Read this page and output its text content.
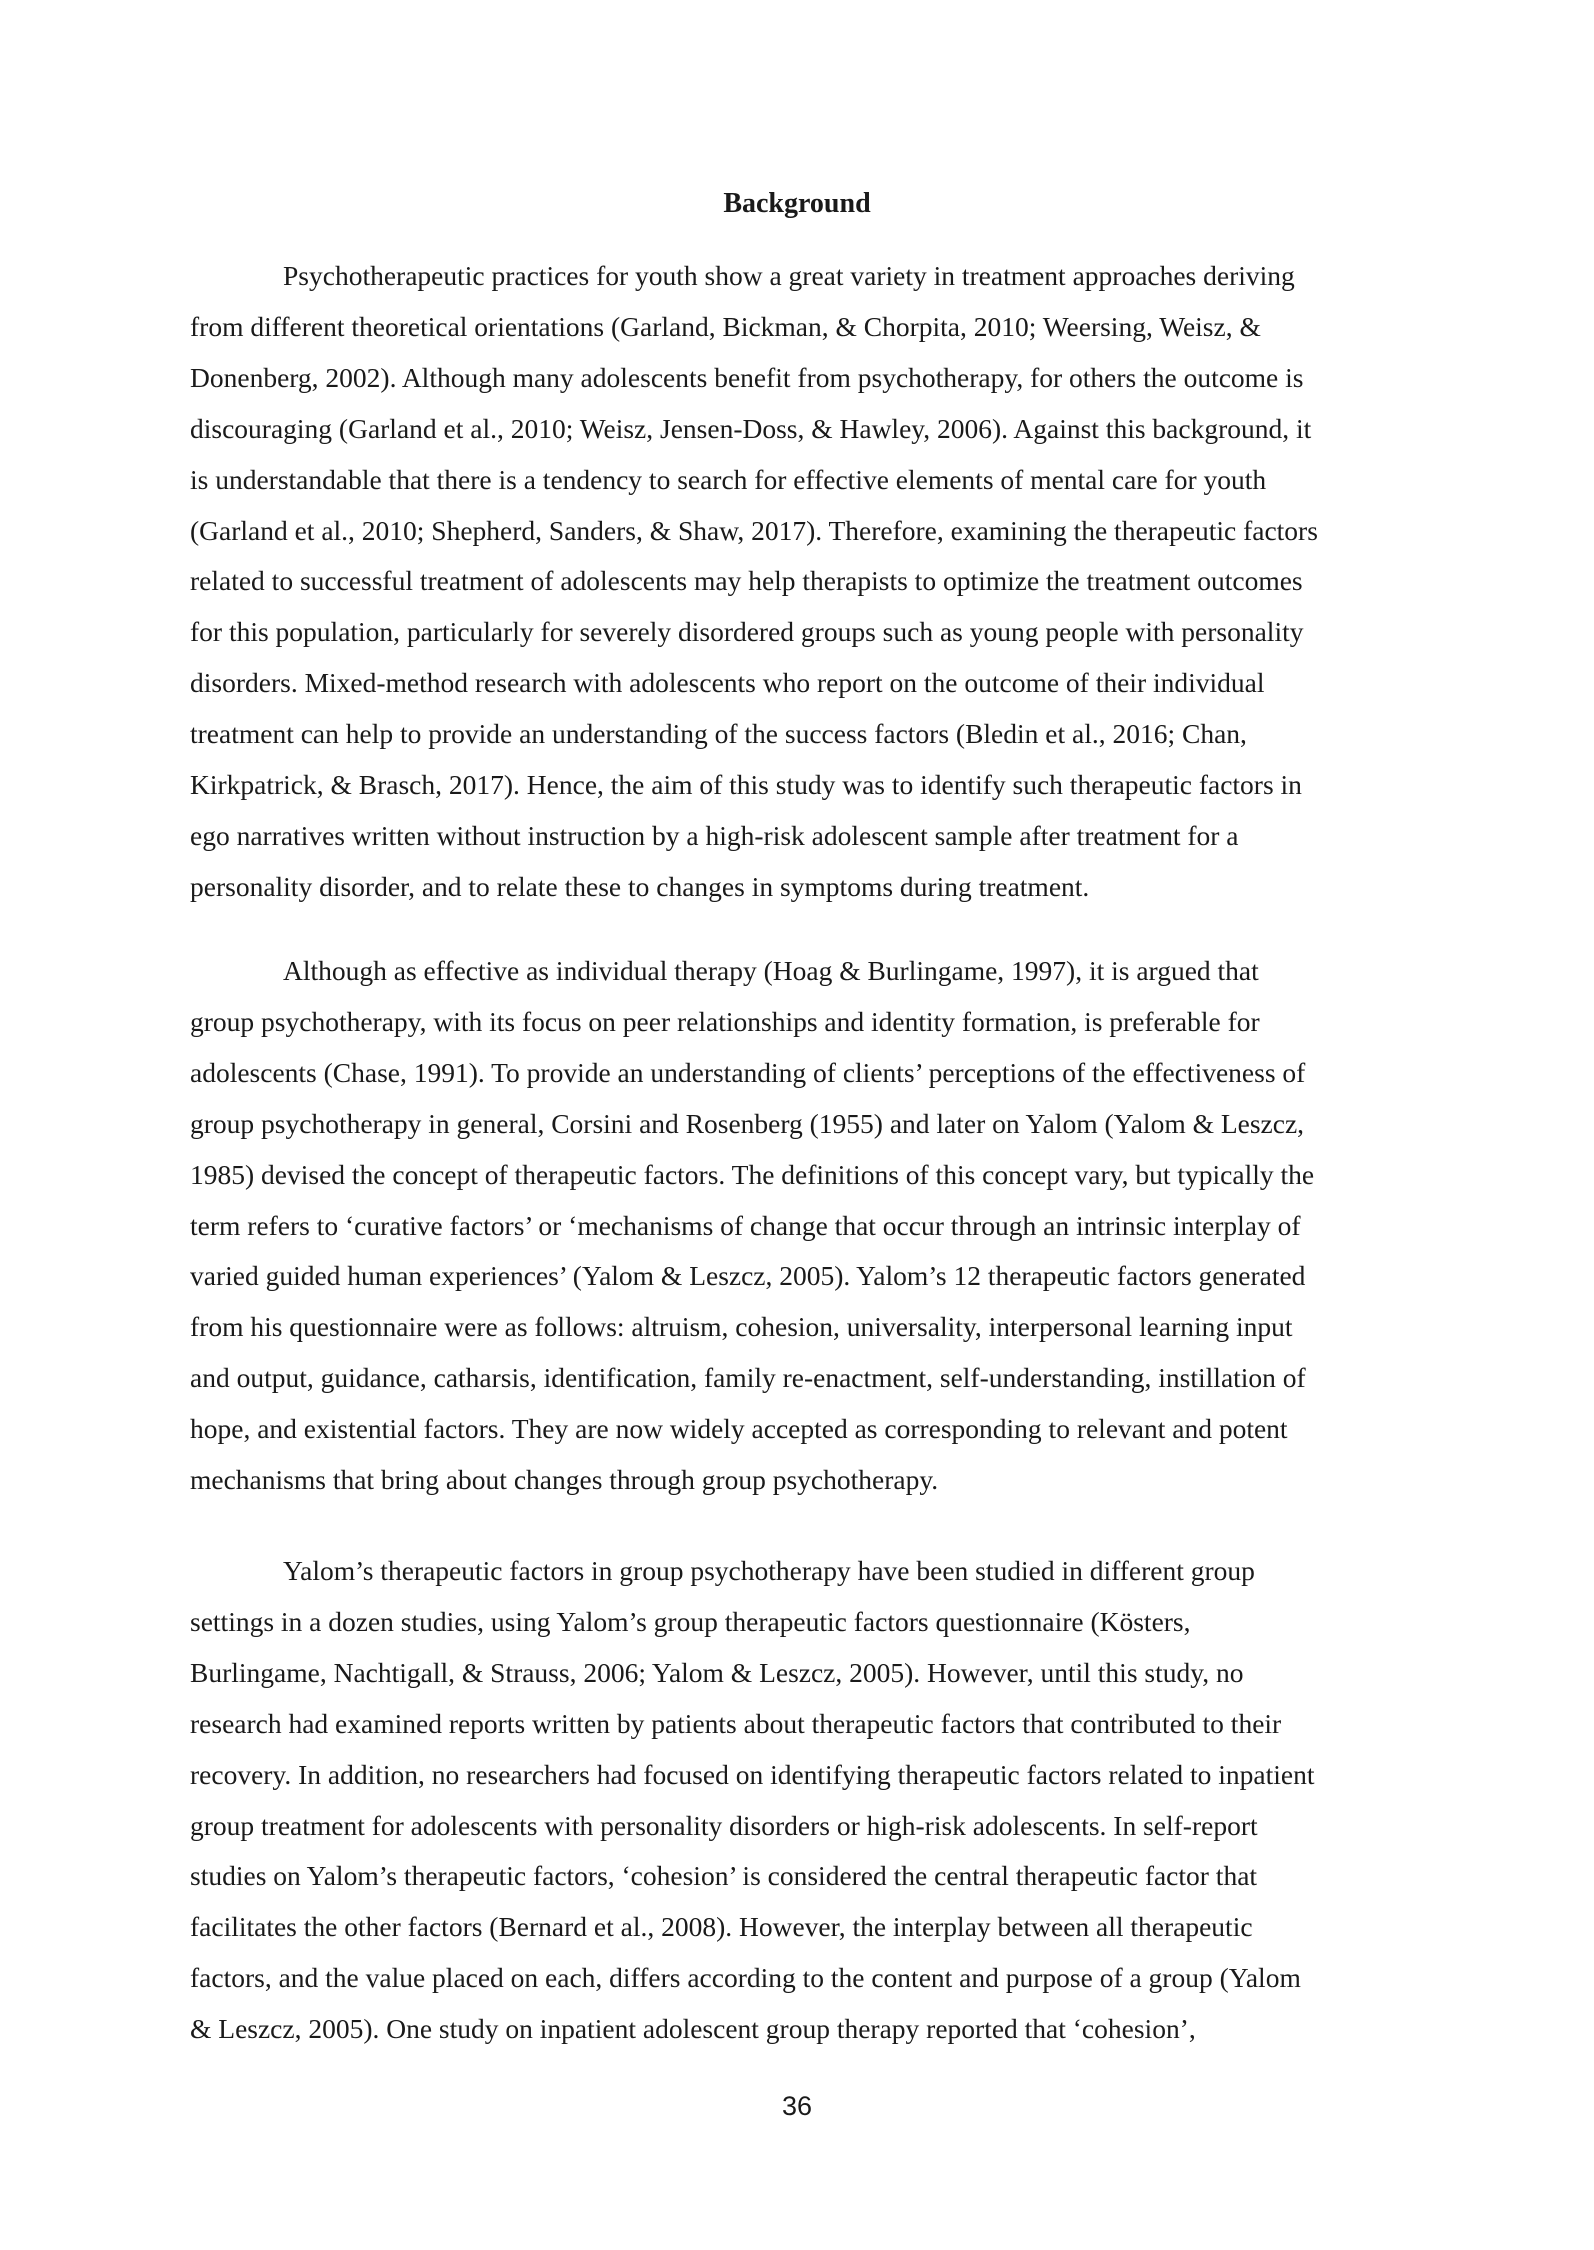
Background

Psychotherapeutic practices for youth show a great variety in treatment approaches deriving
from different theoretical orientations (Garland, Bickman, & Chorpita, 2010; Weersing, Weisz, &
Donenberg, 2002). Although many adolescents benefit from psychotherapy, for others the outcome is
discouraging (Garland et al., 2010; Weisz, Jensen-Doss, & Hawley, 2006). Against this background, it
is understandable that there is a tendency to search for effective elements of mental care for youth
(Garland et al., 2010; Shepherd, Sanders, & Shaw, 2017). Therefore, examining the therapeutic factors
related to successful treatment of adolescents may help therapists to optimize the treatment outcomes
for this population, particularly for severely disordered groups such as young people with personality
disorders. Mixed-method research with adolescents who report on the outcome of their individual
treatment can help to provide an understanding of the success factors (Bledin et al., 2016; Chan,
Kirkpatrick, & Brasch, 2017). Hence, the aim of this study was to identify such therapeutic factors in
ego narratives written without instruction by a high-risk adolescent sample after treatment for a
personality disorder, and to relate these to changes in symptoms during treatment.

Although as effective as individual therapy (Hoag & Burlingame, 1997), it is argued that
group psychotherapy, with its focus on peer relationships and identity formation, is preferable for
adolescents (Chase, 1991). To provide an understanding of clients’ perceptions of the effectiveness of
group psychotherapy in general, Corsini and Rosenberg (1955) and later on Yalom (Yalom & Leszcz,
1985) devised the concept of therapeutic factors. The definitions of this concept vary, but typically the
term refers to ‘curative factors’ or ‘mechanisms of change that occur through an intrinsic interplay of
varied guided human experiences’ (Yalom & Leszcz, 2005). Yalom’s 12 therapeutic factors generated
from his questionnaire were as follows: altruism, cohesion, universality, interpersonal learning input
and output, guidance, catharsis, identification, family re-enactment, self-understanding, instillation of
hope, and existential factors. They are now widely accepted as corresponding to relevant and potent
mechanisms that bring about changes through group psychotherapy.

Yalom’s therapeutic factors in group psychotherapy have been studied in different group
settings in a dozen studies, using Yalom’s group therapeutic factors questionnaire (Kösters,
Burlingame, Nachtigall, & Strauss, 2006; Yalom & Leszcz, 2005). However, until this study, no
research had examined reports written by patients about therapeutic factors that contributed to their
recovery. In addition, no researchers had focused on identifying therapeutic factors related to inpatient
group treatment for adolescents with personality disorders or high-risk adolescents. In self-report
studies on Yalom’s therapeutic factors, ‘cohesion’ is considered the central therapeutic factor that
facilitates the other factors (Bernard et al., 2008). However, the interplay between all therapeutic
factors, and the value placed on each, differs according to the content and purpose of a group (Yalom
& Leszcz, 2005). One study on inpatient adolescent group therapy reported that ‘cohesion’,

36
